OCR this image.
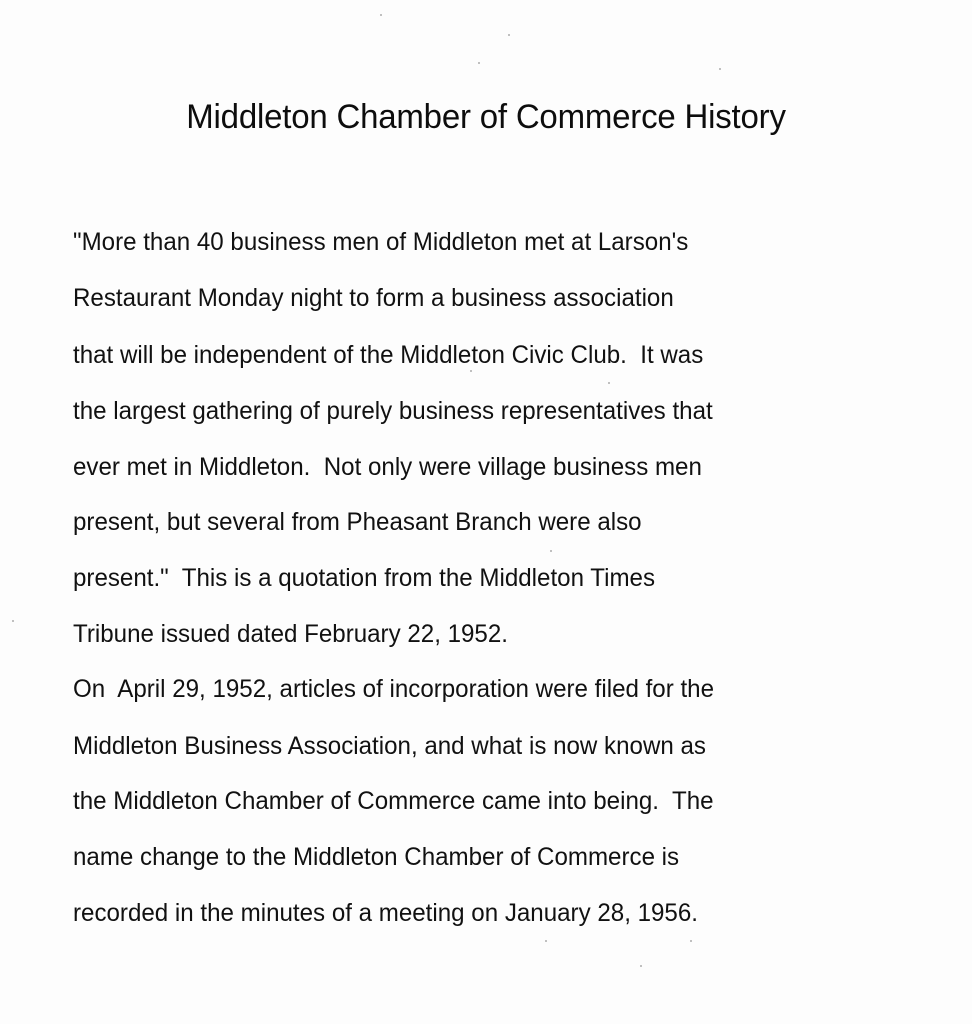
Middleton Chamber of Commerce History
"More than 40 business men of Middleton met at Larson's
Restaurant Monday night to form a business association
that will be independent of the Middleton Civic Club.  It was
the largest gathering of purely business representatives that
ever met in Middleton.  Not only were village business men
present, but several from Pheasant Branch were also
present."  This is a quotation from the Middleton Times
Tribune issued dated February 22, 1952.
On  April 29, 1952, articles of incorporation were filed for the
Middleton Business Association, and what is now known as
the Middleton Chamber of Commerce came into being.  The
name change to the Middleton Chamber of Commerce is
recorded in the minutes of a meeting on January 28, 1956.
